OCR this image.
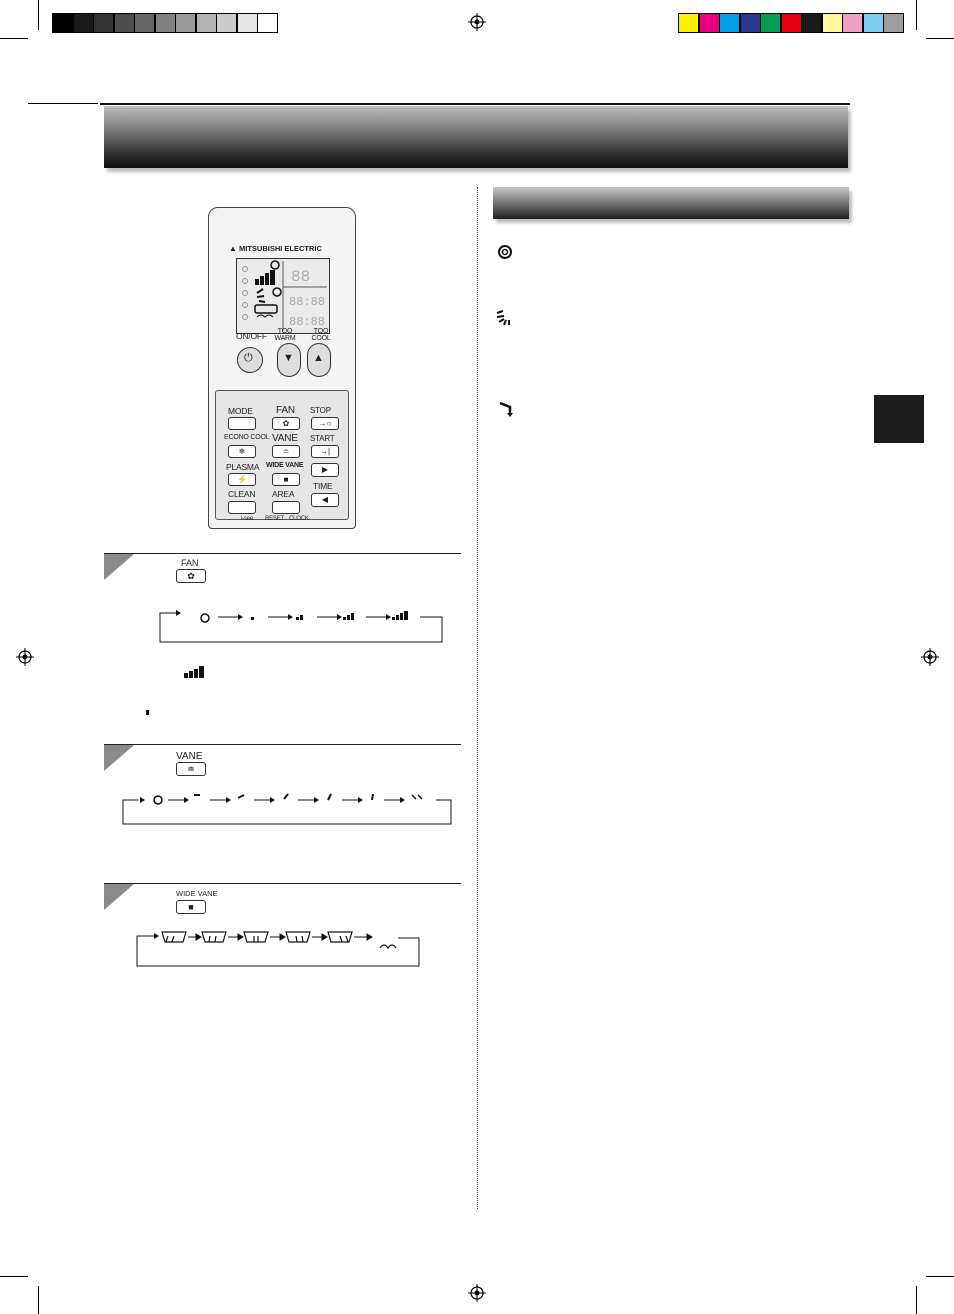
▲ MITSUBISHI ELECTRIC
88
88:88
88:88
ON/OFF	TOO WARM
TOO COOL
⏻	▼ ▲
MODE FAN
✿
STOP
→○
ECONO COOL
❄
VANE
≐
START
→|
PLASMA
⚡
WIDE VANE
■
▶
TIME
◀
CLEAN AREA
i-see RESET CLOCK
FAN
✿
VANE
≐
WIDE VANE
■
